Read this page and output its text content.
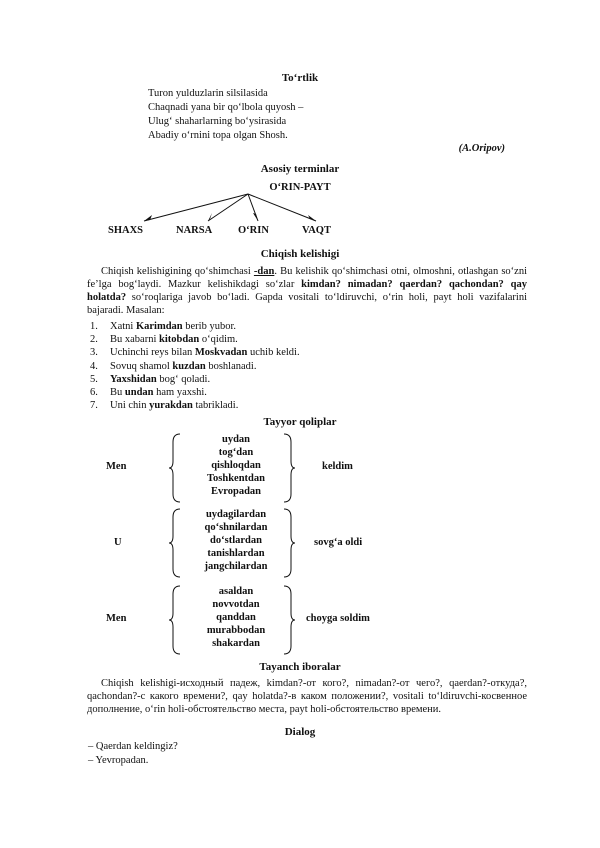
To‘rtlik
Turon yulduzlarin silsilasida
Chaqnadi yana bir qo‘lbola quyosh –
Ulug‘ shaharlarning bo‘ysirasida
Abadiy o‘rnini topa olgan Shosh.
(A.Oripov)
Asosiy terminlar
O‘RIN-PAYT
SHAXS	NARSA O‘RIN	VAQT
Chiqish kelishigi
Chiqish kelishigining qo‘shimchasi -dan. Bu kelishik qo‘shimchasi otni, olmoshni, otlashgan so‘zni fe’lga bog‘laydi. Mazkur kelishikdagi so‘zlar kimdan? nimadan? qaerdan? qachondan? qay holatda? so‘roqlariga javob bo‘ladi. Gapda vositali to‘ldiruvchi, o‘rin holi, payt holi vazifalarini bajaradi. Masalan:
1. Xatni Karimdan berib yubor.
2. Bu xabarni kitobdan o‘qidim.
3. Uchinchi reys bilan Moskvadan uchib keldi.
4. Sovuq shamol kuzdan boshlanadi.
5. Yaxshidan bog‘ qoladi.
6. Bu undan ham yaxshi.
7. Uni chin yurakdan tabrikladi.
Tayyor qoliplar
Men
uydan
tog‘dan
qishloqdan
Toshkentdan
Evropadan
keldim
U
uydagilardan
qo‘shnilardan
do‘stlardan
tanishlardan
jangchilardan
sovg‘a oldi
Men
asaldan
novvotdan
qanddan
murabbodan
shakardan
choyga soldim
Tayanch iboralar
Chiqish kelishigi-исходный падеж, kimdan?-от кого?, nimadan?-от чего?, qaerdan?-откуда?, qachondan?-с какого времени?, qay holatda?-в каком положении?, vositali to‘ldiruvchi-косвенное дополнение, o‘rin holi-обстоятельство места, payt holi-обстоятельство времени.
Dialog
– Qaerdan keldingiz?
– Yevropadan.
